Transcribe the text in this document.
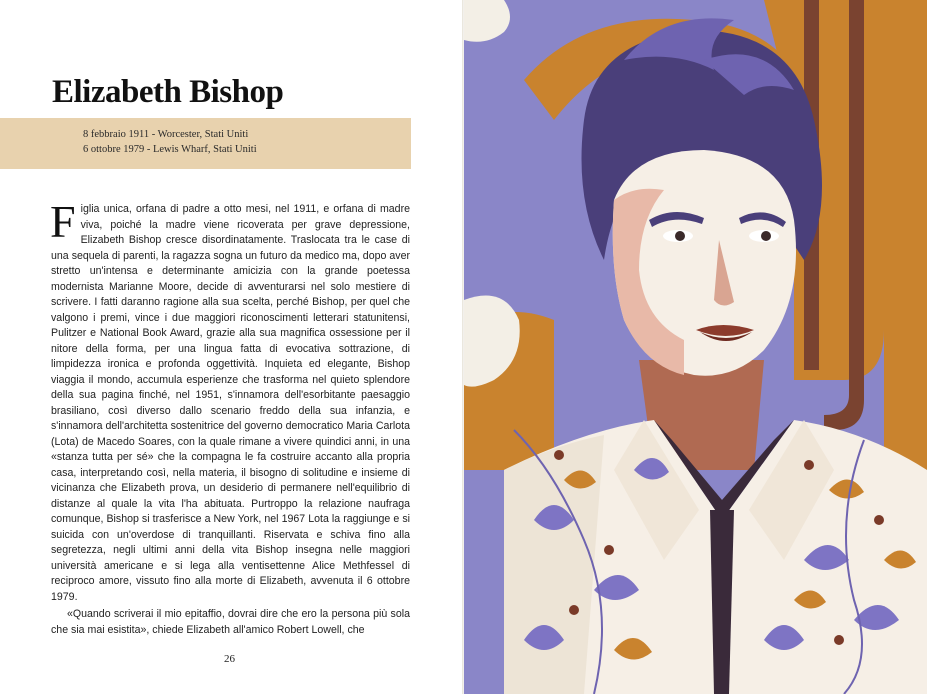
Elizabeth Bishop
8 febbraio 1911 - Worcester, Stati Uniti
6 ottobre 1979 - Lewis Wharf, Stati Uniti

Figlia unica, orfana di padre a otto mesi, nel 1911, e orfana di madre viva, poiché la madre viene ricoverata per grave depressione, Elizabeth Bishop cresce disordinatamente. Traslocata tra le case di una sequela di parenti, la ragazza sogna un futuro da medico ma, dopo aver stretto un'intensa e determinante amicizia con la grande poetessa modernista Marianne Moore, decide di avventurarsi nel solo mestiere di scrivere. I fatti daranno ragione alla sua scelta, perché Bishop, per quel che valgono i premi, vince i due maggiori riconoscimenti letterari statunitensi, Pulitzer e National Book Award, grazie alla sua magnifica ossessione per il nitore della forma, per una lingua fatta di evocativa sottrazione, di limpidezza ironica e profonda oggettività. Inquieta ed elegante, Bishop viaggia il mondo, accumula esperienze che trasforma nel quieto splendore della sua pagina finché, nel 1951, s'innamora dell'esorbitante paesaggio brasiliano, così diverso dallo scenario freddo della sua infanzia, e s'innamora dell'architetta sostenitrice del governo democratico Maria Carlota (Lota) de Macedo Soares, con la quale rimane a vivere quindici anni, in una «stanza tutta per sé» che la compagna le fa costruire accanto alla propria casa, interpretando così, nella materia, il bisogno di solitudine e insieme di vicinanza che Elizabeth prova, un desiderio di permanere nell'equilibrio di distanze al quale la vita l'ha abituata. Purtroppo la relazione naufraga comunque, Bishop si trasferisce a New York, nel 1967 Lota la raggiunge e si suicida con un'overdose di tranquillanti. Riservata e schiva fino alla segretezza, negli ultimi anni della vita Bishop insegna nelle maggiori università americane e si lega alla ventisettenne Alice Methfessel di reciproco amore, vissuto fino alla morte di Elizabeth, avvenuta il 6 ottobre 1979.

«Quando scriverai il mio epitaffio, dovrai dire che ero la persona più sola che sia mai esistita», chiede Elizabeth all'amico Robert Lowell, che

26
